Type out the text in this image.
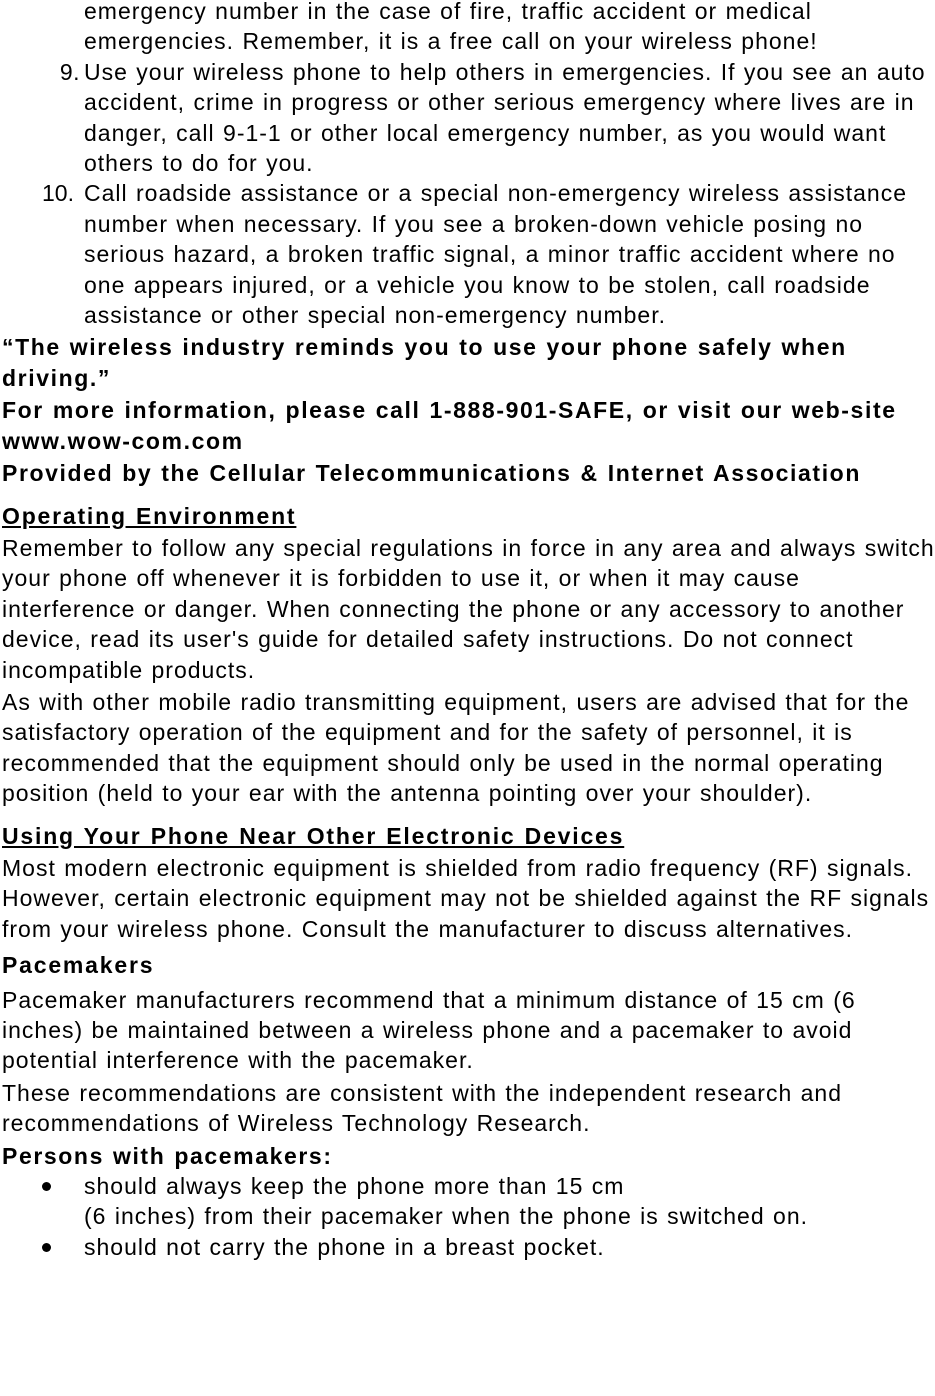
emergency number in the case of fire, traffic accident or medical emergencies. Remember, it is a free call on your wireless phone!

9. Use your wireless phone to help others in emergencies. If you see an auto accident, crime in progress or other serious emergency where lives are in danger, call 9-1-1 or other local emergency number, as you would want others to do for you.

10. Call roadside assistance or a special non-emergency wireless assistance number when necessary. If you see a broken-down vehicle posing no serious hazard, a broken traffic signal, a minor traffic accident where no one appears injured, or a vehicle you know to be stolen, call roadside assistance or other special non-emergency number.

“The wireless industry reminds you to use your phone safely when driving.”

For more information, please call 1-888-901-SAFE, or visit our web-site www.wow-com.com

Provided by the Cellular Telecommunications & Internet Association

Operating Environment

Remember to follow any special regulations in force in any area and always switch your phone off whenever it is forbidden to use it, or when it may cause interference or danger. When connecting the phone or any accessory to another device, read its user's guide for detailed safety instructions. Do not connect incompatible products.

As with other mobile radio transmitting equipment, users are advised that for the satisfactory operation of the equipment and for the safety of personnel, it is recommended that the equipment should only be used in the normal operating position (held to your ear with the antenna pointing over your shoulder).

Using Your Phone Near Other Electronic Devices

Most modern electronic equipment is shielded from radio frequency (RF) signals. However, certain electronic equipment may not be shielded against the RF signals from your wireless phone. Consult the manufacturer to discuss alternatives.

Pacemakers

Pacemaker manufacturers recommend that a minimum distance of 15 cm (6 inches) be maintained between a wireless phone and a pacemaker to avoid potential interference with the pacemaker.

These recommendations are consistent with the independent research and recommendations of Wireless Technology Research.

Persons with pacemakers:

should always keep the phone more than 15 cm
(6 inches) from their pacemaker when the phone is switched on.
should not carry the phone in a breast pocket.
